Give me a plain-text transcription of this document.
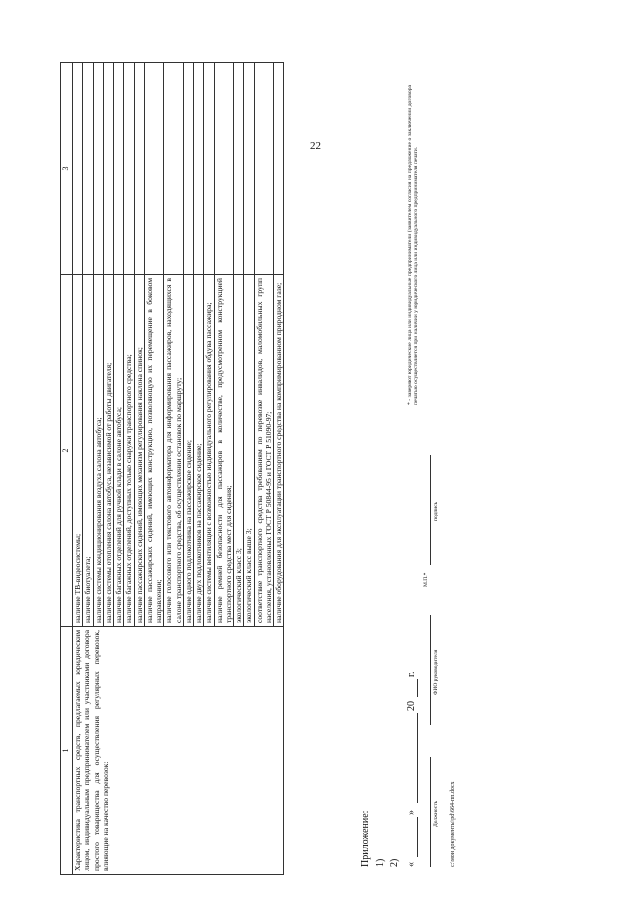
22
1	2	3
Характеристика транспортных средств, предлагаемых юридическим лицом, индивидуальным предпринимателем или участниками договора простого товарищества для осуществления регулярных перевозок, влияющие на качество перевозок:	наличие ТВ-видеосистемы;	
	наличие биотуалета;	
	наличие системы кондиционирования воздуха салона автобуса;	
	наличие системы отопления салона автобуса, независимой от работы двигателя;	
	наличие багажных отделений для ручной клади в салоне автобуса;	
	наличие багажных отделений, доступных только снаружи транспортного средства;	
	наличие пассажирских сидений, имеющих механизм регулирования наклона спинок;	
	наличие пассажирских сидений, имеющих конструкцию, позволяющую их перемещение в боковом направлении;	
	наличие голосового или текстового автоинформатора для информирования пассажиров, находящихся в салоне транспортного средства, об осуществлении остановок по маршруту;	
	наличие одного подлокотника на пассажирское сидение;	
	наличие двух подлокотников на пассажирское сидение;	
	наличие системы вентиляции с возможностью индивидуального регулирования обдува пассажира;	
	наличие ремней безопасности для пассажиров в количестве, предусмотренном конструкцией транспортного средства мест для сидения;	
	экологический класс 3;	
	экологический класс выше 3;	
	соответствие транспортного средства требованиям по перевозке инвалидов, маломобильных групп населения, установленных ГОСТ Р 50844-95 и ГОСТ Р 51090-97;	
	наличие оборудования для эксплуатации транспортного средства на компримированном природном газе;	
Приложение: 1) 2) «
»
20
г.
Должность
ФИО руководителя
М.П.*
подпись
* - заверяют юридические лица или индивидуальные предприниматели (заявителем согласия на предложение о заключении договора печатью осуществляется при наличии у юридического лица или индивидуального предпринимателя печати.
c:\мои документы\pd\664-пп.docx
